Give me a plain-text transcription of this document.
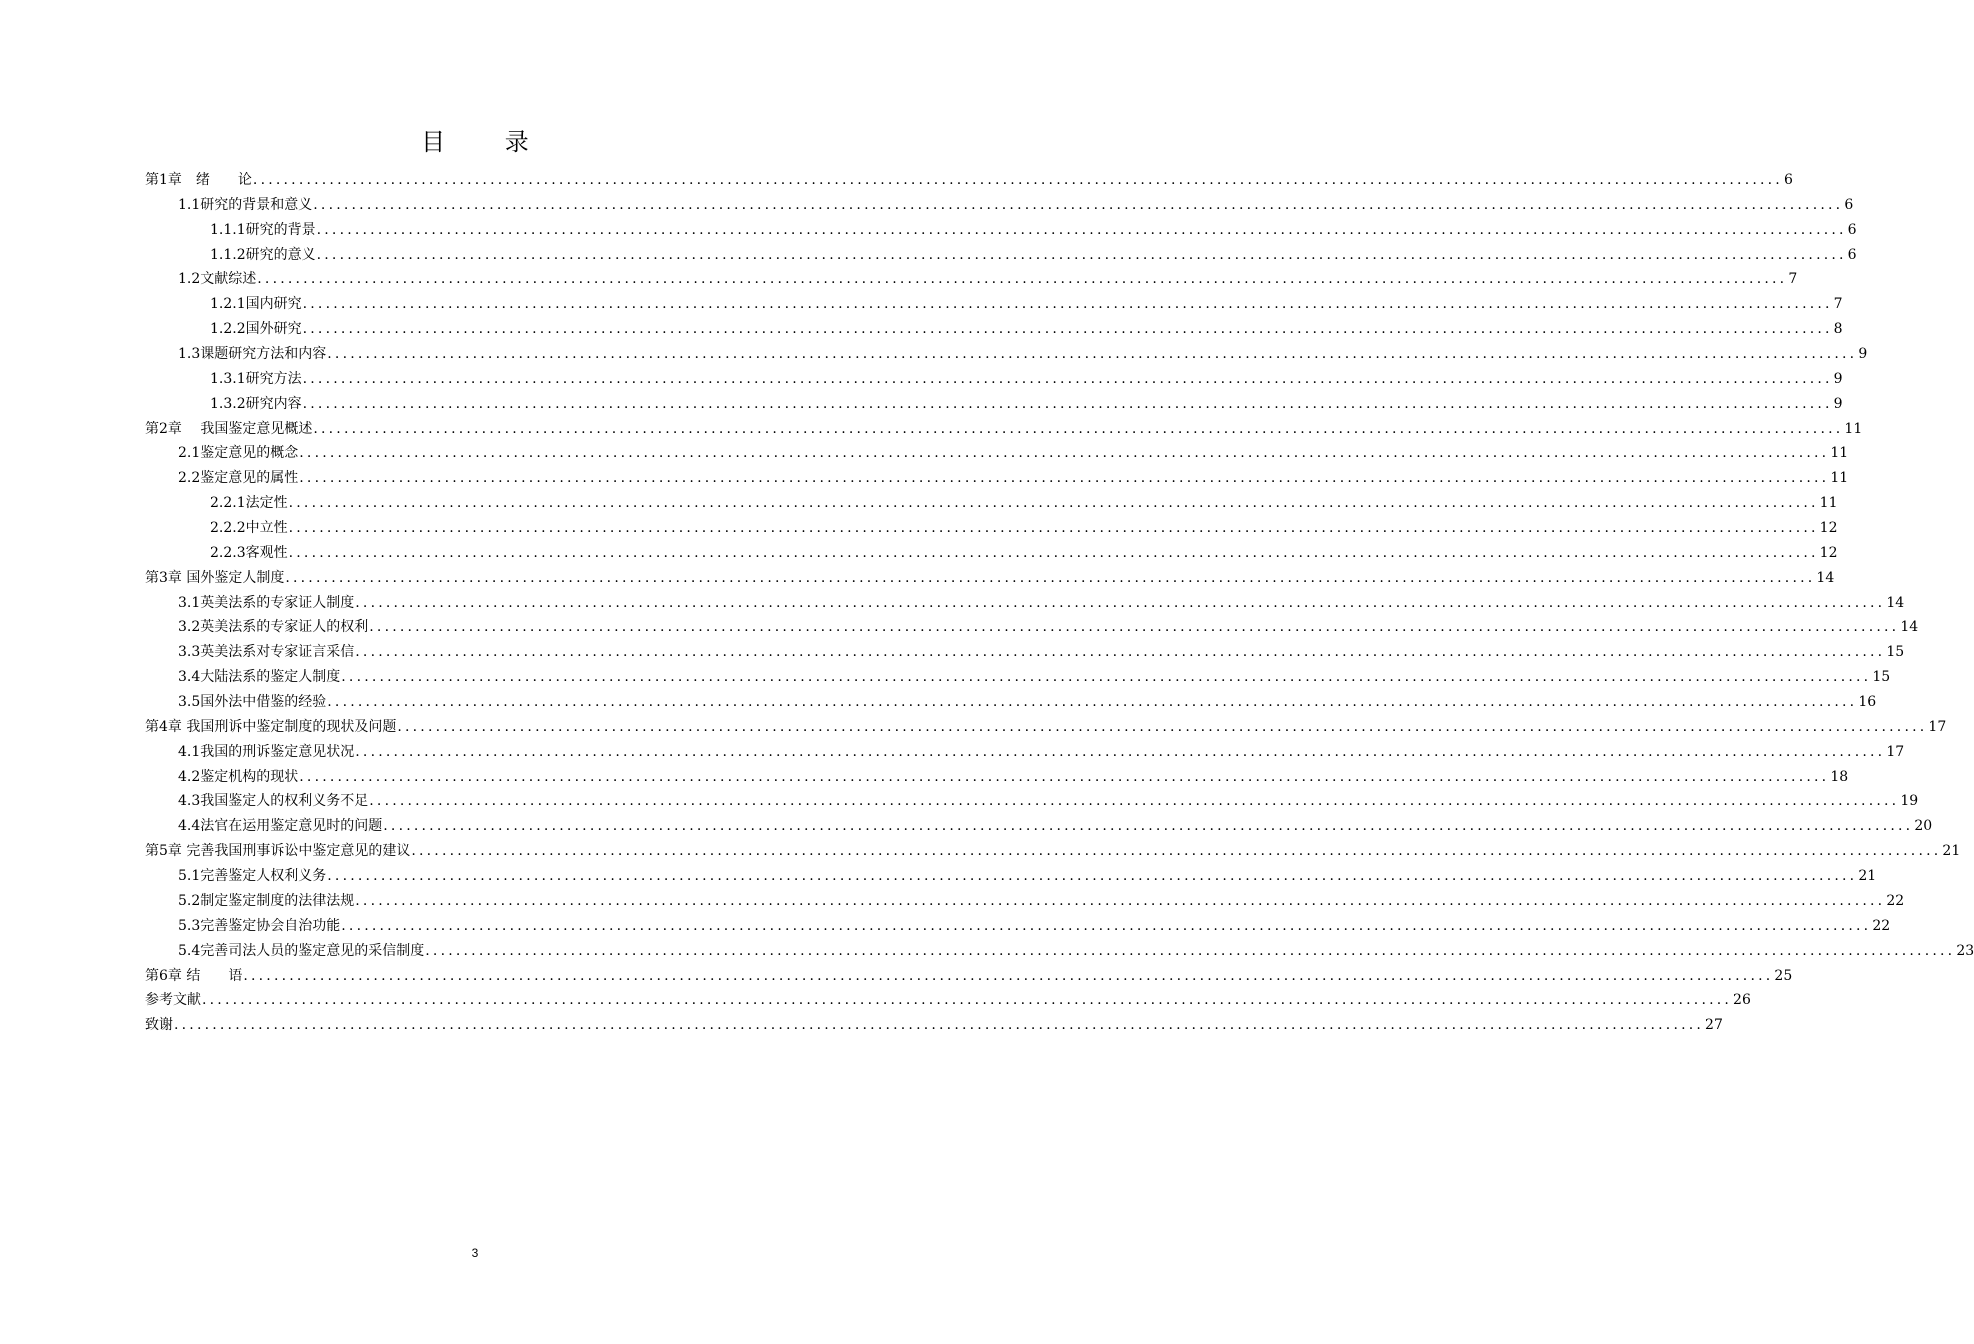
目 录
第1章　绪　　论 ........................................................................................................................................................................................................ 6
1.1研究的背景和意义 ........................................................................................................................................................................................................ 6
1.1.1研究的背景 ........................................................................................................................................................................................................ 6
1.1.2研究的意义 ........................................................................................................................................................................................................ 6
1.2文献综述 ........................................................................................................................................................................................................ 7
1.2.1国内研究 ........................................................................................................................................................................................................ 7
1.2.2国外研究 ........................................................................................................................................................................................................ 8
1.3课题研究方法和内容 ........................................................................................................................................................................................................ 9
1.3.1研究方法 ........................................................................................................................................................................................................ 9
1.3.2研究内容 ........................................................................................................................................................................................................ 9
第2章　 我国鉴定意见概述 ........................................................................................................................................................................................................ 11
2.1鉴定意见的概念 ........................................................................................................................................................................................................ 11
2.2鉴定意见的属性 ........................................................................................................................................................................................................ 11
2.2.1法定性 ........................................................................................................................................................................................................ 11
2.2.2中立性 ........................................................................................................................................................................................................ 12
2.2.3客观性 ........................................................................................................................................................................................................ 12
第3章 国外鉴定人制度 ........................................................................................................................................................................................................ 14
3.1英美法系的专家证人制度 ........................................................................................................................................................................................................ 14
3.2英美法系的专家证人的权利 ........................................................................................................................................................................................................ 14
3.3英美法系对专家证言采信 ........................................................................................................................................................................................................ 15
3.4大陆法系的鉴定人制度 ........................................................................................................................................................................................................ 15
3.5国外法中借鉴的经验 ........................................................................................................................................................................................................ 16
第4章 我国刑诉中鉴定制度的现状及问题 ........................................................................................................................................................................................................ 17
4.1我国的刑诉鉴定意见状况 ........................................................................................................................................................................................................ 17
4.2鉴定机构的现状 ........................................................................................................................................................................................................ 18
4.3我国鉴定人的权利义务不足 ........................................................................................................................................................................................................ 19
4.4法官在运用鉴定意见时的问题 ........................................................................................................................................................................................................ 20
第5章 完善我国刑事诉讼中鉴定意见的建议 ........................................................................................................................................................................................................ 21
5.1完善鉴定人权利义务 ........................................................................................................................................................................................................ 21
5.2制定鉴定制度的法律法规 ........................................................................................................................................................................................................ 22
5.3完善鉴定协会自治功能 ........................................................................................................................................................................................................ 22
5.4完善司法人员的鉴定意见的采信制度 ........................................................................................................................................................................................................ 23
第6章 结　　语 ........................................................................................................................................................................................................ 25
参考文献 ........................................................................................................................................................................................................ 26
致谢 ........................................................................................................................................................................................................ 27
3
